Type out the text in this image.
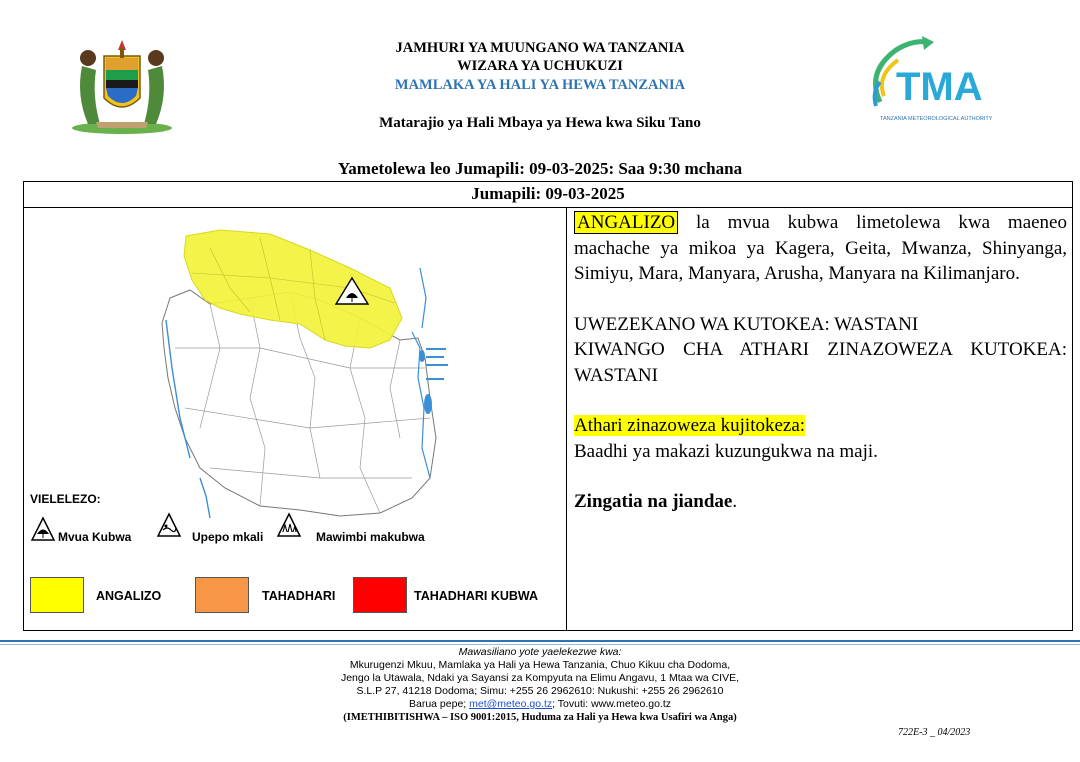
TMA
TANZANIA METEOROLOGICAL AUTHORITY
JAMHURI YA MUUNGANO WA TANZANIA
WIZARA YA UCHUKUZI
MAMLAKA YA HALI YA HEWA TANZANIA
Matarajio ya Hali Mbaya ya Hewa kwa Siku Tano
Yametolewa leo Jumapili: 09-03-2025: Saa 9:30 mchana
Jumapili: 09-03-2025
VIELELEZO:
Mvua Kubwa	Upepo mkali	Mawimbi makubwa
ANGALIZO	TAHADHARI	TAHADHARI KUBWA

ANGALIZO la mvua kubwa limetolewa kwa maeneo machache ya mikoa ya Kagera, Geita, Mwanza, Shinyanga, Simiyu, Mara, Manyara, Arusha, Manyara na Kilimanjaro.

UWEZEKANO WA KUTOKEA: WASTANI

KIWANGO CHA ATHARI ZINAZOWEZA KUTOKEA: WASTANI

Athari zinazoweza kujitokeza:

Baadhi ya makazi kuzungukwa na maji.

Zingatia na jiandae.

Mawasiliano yote yaelekezwe kwa:
Mkurugenzi Mkuu, Mamlaka ya Hali ya Hewa Tanzania, Chuo Kikuu cha Dodoma,
Jengo la Utawala, Ndaki ya Sayansi za Kompyuta na Elimu Angavu, 1 Mtaa wa CIVE,
S.L.P 27, 41218 Dodoma; Simu: +255 26 2962610: Nukushi: +255 26 2962610
Barua pepe; met@meteo.go.tz; Tovuti: www.meteo.go.tz
(IMETHIBITISHWA – ISO 9001:2015, Huduma za Hali ya Hewa kwa Usafiri wa Anga)
722E-3 _ 04/2023
